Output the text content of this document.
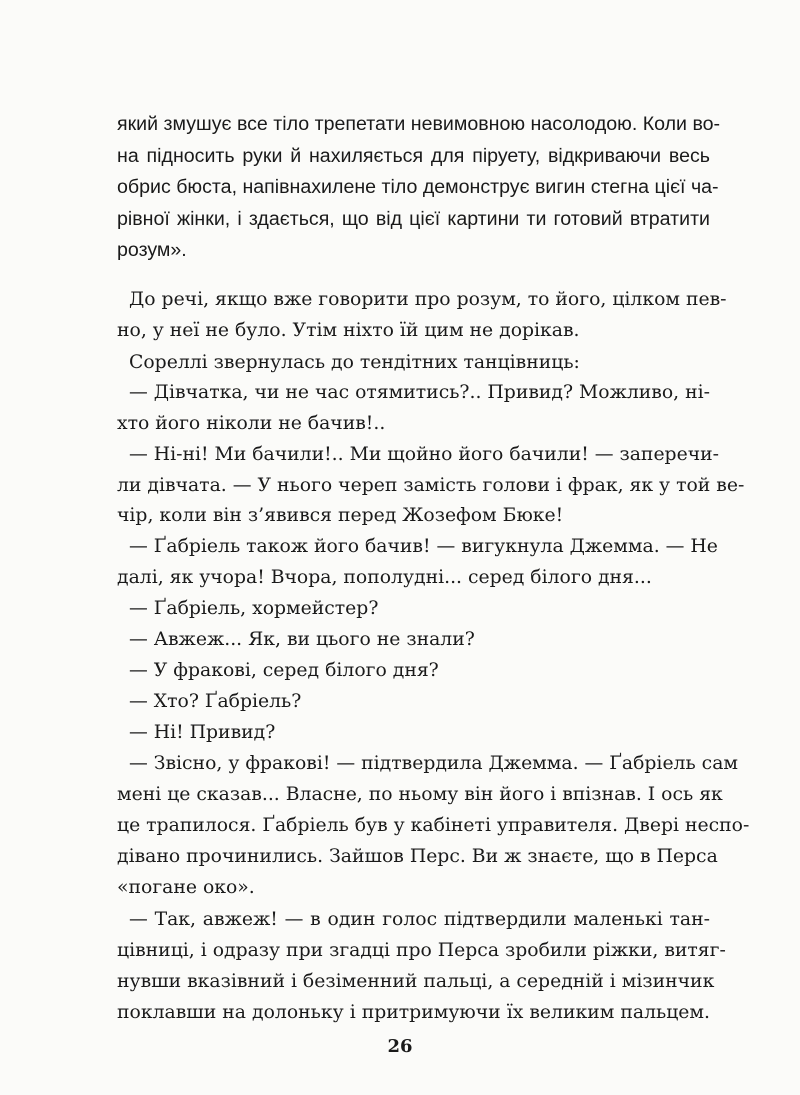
який змушує все тіло трепетати невимовною насолодою. Коли во-
на підносить руки й нахиляється для піруету, відкриваючи весь
обрис бюста, напівнахилене тіло демонструє вигин стегна цієї ча-
рівної жінки, і здається, що від цієї картини ти готовий втратити
розум».
До речі, якщо вже говорити про розум, то його, цілком пев-
но, у неї не було. Утім ніхто їй цим не дорікав.
Сореллі звернулась до тендітних танцівниць:
— Дівчатка, чи не час отямитись?.. Привид? Можливо, ні-
хто його ніколи не бачив!..
— Ні-ні! Ми бачили!.. Ми щойно його бачили! — заперечи-
ли дівчата. — У нього череп замість голови і фрак, як у той ве-
чір, коли він з’явився перед Жозефом Бюке!
— Ґабріель також його бачив! — вигукнула Джемма. — Не
далі, як учора! Вчора, пополудні... серед білого дня...
— Ґабріель, хормейстер?
— Авжеж... Як, ви цього не знали?
— У фракові, серед білого дня?
— Хто? Ґабріель?
— Ні! Привид?
— Звісно, у фракові! — підтвердила Джемма. — Ґабріель сам
мені це сказав... Власне, по ньому він його і впізнав. І ось як
це трапилося. Ґабріель був у кабінеті управителя. Двері неспо-
дівано прочинились. Зайшов Перс. Ви ж знаєте, що в Перса
«погане око».
— Так, авжеж! — в один голос підтвердили маленькі тан-
цівниці, і одразу при згадці про Перса зробили ріжки, витяг-
нувши вказівний і безіменний пальці, а середній і мізинчик
поклавши на долоньку і притримуючи їх великим пальцем.
26
